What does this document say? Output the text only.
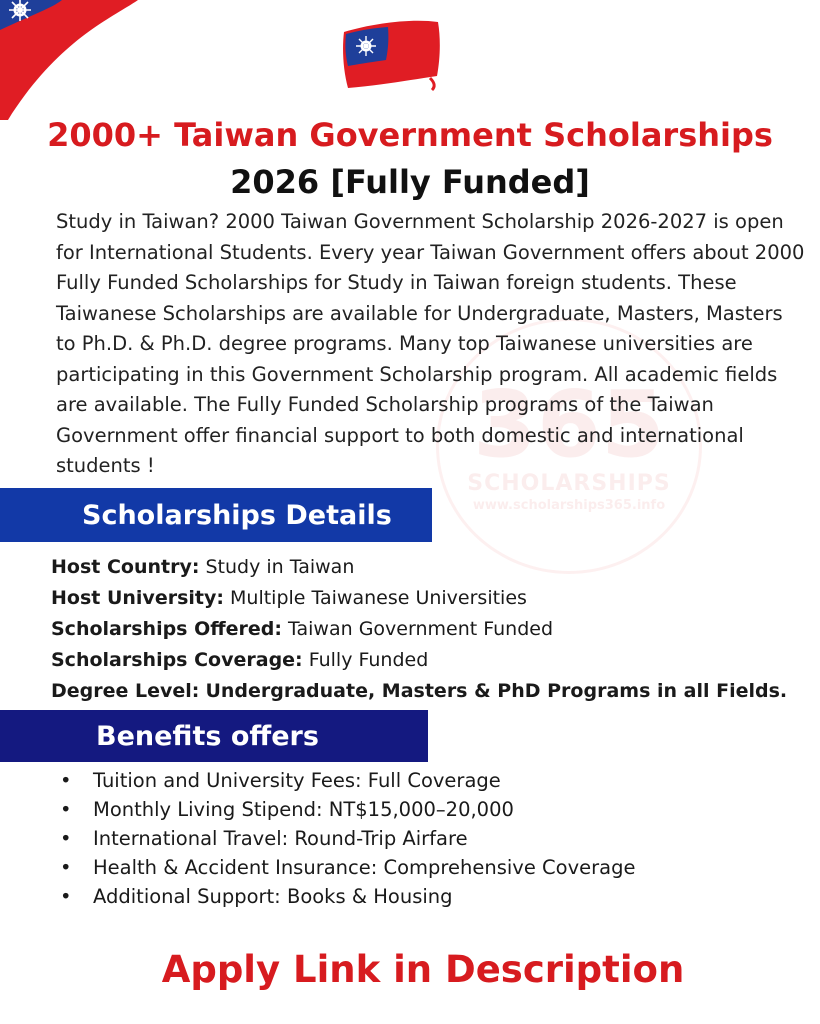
365
SCHOLARSHIPS
www.scholarships365.info
2000+ Taiwan Government Scholarships 2026 [Fully Funded]

Study in Taiwan? 2000 Taiwan Government Scholarship 2026-2027 is open for International Students. Every year Taiwan Government offers about 2000 Fully Funded Scholarships for Study in Taiwan foreign students. These Taiwanese Scholarships are available for Undergraduate, Masters, Masters to Ph.D. & Ph.D. degree programs. Many top Taiwanese universities are participating in this Government Scholarship program. All academic fields are available. The Fully Funded Scholarship programs of the Taiwan Government offer financial support to both domestic and international students !

Scholarships Details
Host Country: Study in Taiwan
Host University: Multiple Taiwanese Universities
Scholarships Offered: Taiwan Government Funded
Scholarships Coverage: Fully Funded
Degree Level: Undergraduate, Masters & PhD Programs in all Fields.
Benefits offers
•	Tuition and University Fees: Full Coverage
•	Monthly Living Stipend: NT$15,000–20,000
•	International Travel: Round-Trip Airfare
•	Health & Accident Insurance: Comprehensive Coverage
•	Additional Support: Books & Housing

Apply Link in Description
